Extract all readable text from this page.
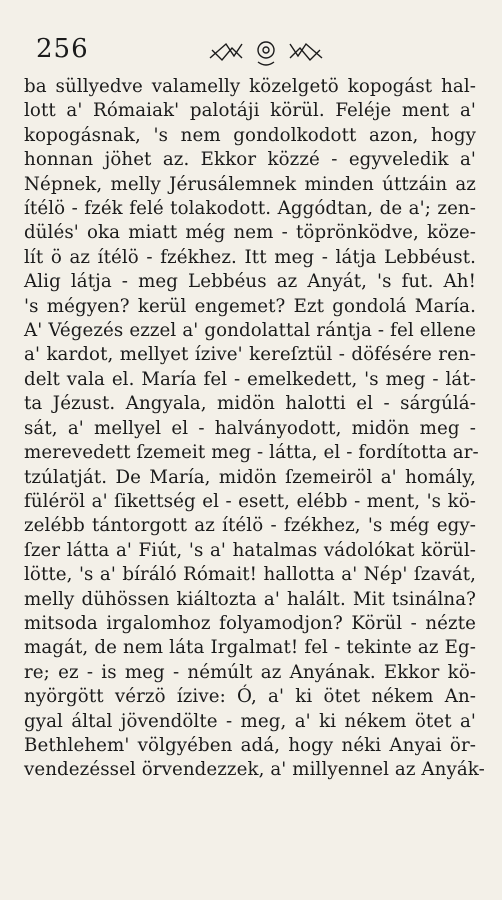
256
ba süllyedve valamelly közelgetö kopogást hal-
lott a' Rómaiak' palotáji körül. Feléje ment a'
kopogásnak, 's nem gondolkodott azon, hogy
honnan jöhet az. Ekkor közzé - egyveledik a'
Népnek, melly Jérusálemnek minden úttzáin az
ítélö - fzék felé tolakodott. Aggódtan, de a'; zen-
dülés' oka miatt még nem - töprönködve, köze-
lít ö az ítélö - fzékhez. Itt meg - látja Lebbéust.
Alig látja - meg Lebbéus az Anyát, 's fut. Ah!
's mégyen? kerül engemet? Ezt gondolá María.
A' Végezés ezzel a' gondolattal rántja - fel ellene
a' kardot, mellyet ízive' kereſztül - döfésére ren-
delt vala el. María fel - emelkedett, 's meg - lát-
ta Jézust. Angyala, midön halotti el - sárgúlá-
sát, a' mellyel el - halványodott, midön meg -
merevedett ſzemeit meg - látta, el - fordította ar-
tzúlatját. De María, midön ſzemeiröl a' homály,
füléröl a' ſikettség el - esett, elébb - ment, 's kö-
zelébb tántorgott az ítélö - fzékhez, 's még egy-
ſzer látta a' Fiút, 's a' hatalmas vádolókat körül-
lötte, 's a' bíráló Rómait! hallotta a' Nép' ſzavát,
melly dühössen kiáltozta a' halált. Mit tsinálna?
mitsoda irgalomhoz folyamodjon? Körül - nézte
magát, de nem láta Irgalmat! fel - tekinte az Eg-
re; ez - is meg - némúlt az Anyának. Ekkor kö-
nyörgött vérzö ízive: Ó, a' ki ötet nékem An-
gyal által jövendölte - meg, a' ki nékem ötet a'
Bethlehem' völgyében adá, hogy néki Anyai ör-
vendezéssel örvendezzek, a' millyennel az Anyák-
